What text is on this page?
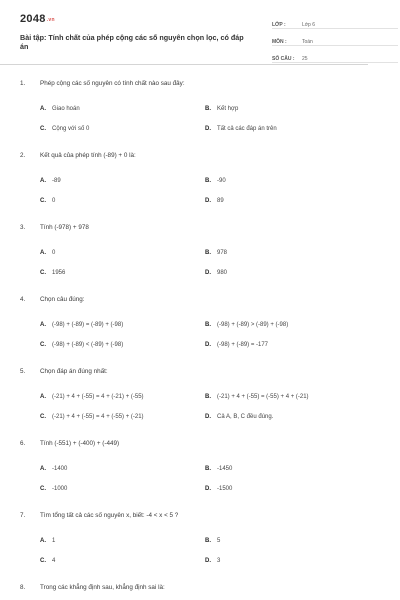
$2048^{.vn}$
Bài tập: Tính chất của phép cộng các số nguyên chọn lọc, có đáp án
LỚP :	Lớp 6
MÔN :	Toán
SỐ CÂU :	25
1.	Phép cộng các số nguyên có tính chất nào sau đây:
A.	Giao hoán	B.	Kết hợp
C.	Cộng với số 0	D.	Tất cả các đáp án trên
2.	Kết quả của phép tính (-89) + 0 là:
A.	-89	B.	-90
C.	0	D.	89
3.	Tính (-978) + 978
A.	0	B.	978
C.	1956	D.	980
4.	Chọn câu đúng:
A.	(-98) + (-89) = (-89) + (-98)	B.	(-98) + (-89) > (-89) + (-98)
C.	(-98) + (-89) < (-89) + (-98)	D.	(-98) + (-89) = -177
5.	Chọn đáp án đúng nhất:
A.	(-21) + 4 + (-55) = 4 + (-21) + (-55)	B.	(-21) + 4 + (-55) = (-55) + 4 + (-21)
C.	(-21) + 4 + (-55) = 4 + (-55) + (-21)	D.	Cả A, B, C đều đúng.
6.	Tính (-551) + (-400) + (-449)
A.	-1400	B.	-1450
C.	-1000	D.	-1500
7.	Tìm tổng tất cả các số nguyên x, biết: -4 < x < 5 ?
A.	1	B.	5
C.	4	D.	3
8.	Trong các khẳng định sau, khẳng định sai là:
